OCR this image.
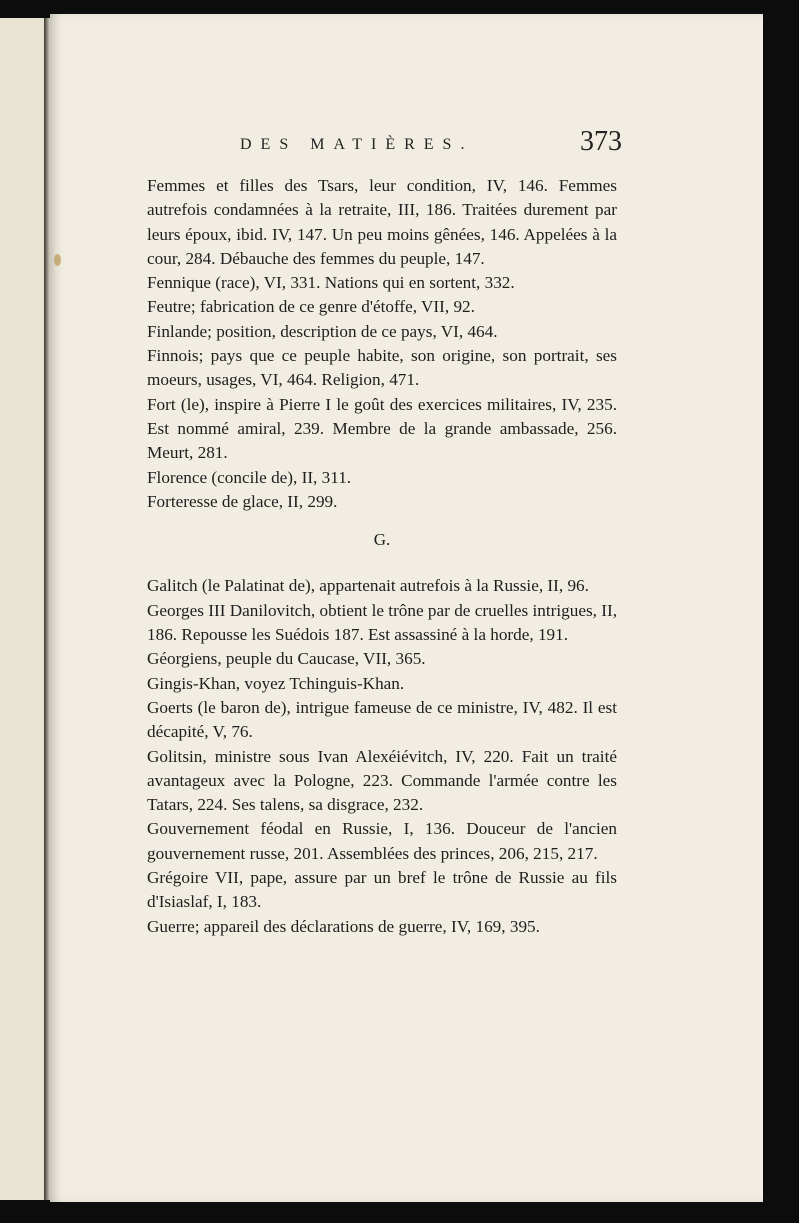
DES MATIÈRES.	373

Femmes et filles des Tsars, leur condition, IV, 146. Femmes autrefois condamnées à la retraite, III, 186. Traitées durement par leurs époux, ibid. IV, 147. Un peu moins gênées, 146. Appelées à la cour, 284. Débauche des femmes du peuple, 147.

Fennique (race), VI, 331. Nations qui en sortent, 332.

Feutre; fabrication de ce genre d'étoffe, VII, 92.

Finlande; position, description de ce pays, VI, 464.

Finnois; pays que ce peuple habite, son origine, son portrait, ses moeurs, usages, VI, 464. Religion, 471.

Fort (le), inspire à Pierre I le goût des exercices militaires, IV, 235. Est nommé amiral, 239. Membre de la grande ambassade, 256. Meurt, 281.

Florence (concile de), II, 311.

Forteresse de glace, II, 299.

G.

Galitch (le Palatinat de), appartenait autrefois à la Russie, II, 96.

Georges III Danilovitch, obtient le trône par de cruelles intrigues, II, 186. Repousse les Suédois 187. Est assassiné à la horde, 191.

Géorgiens, peuple du Caucase, VII, 365.

Gingis-Khan, voyez Tchinguis-Khan.

Goerts (le baron de), intrigue fameuse de ce ministre, IV, 482. Il est décapité, V, 76.

Golitsin, ministre sous Ivan Alexéiévitch, IV, 220. Fait un traité avantageux avec la Pologne, 223. Commande l'armée contre les Tatars, 224. Ses talens, sa disgrace, 232.

Gouvernement féodal en Russie, I, 136. Douceur de l'ancien gouvernement russe, 201. Assemblées des princes, 206, 215, 217.

Grégoire VII, pape, assure par un bref le trône de Russie au fils d'Isiaslaf, I, 183.

Guerre; appareil des déclarations de guerre, IV, 169, 395.
